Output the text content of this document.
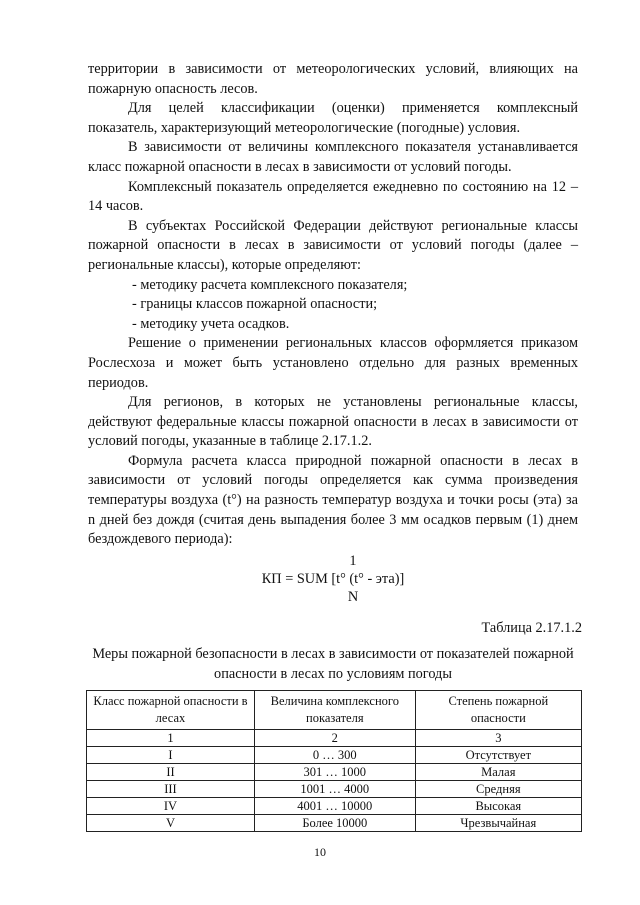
территории в зависимости от метеорологических условий, влияющих на пожарную опасность лесов.

Для целей классификации (оценки) применяется комплексный показатель, характеризующий метеорологические (погодные) условия.

В зависимости от величины комплексного показателя устанавливается класс пожарной опасности в лесах в зависимости от условий погоды.

Комплексный показатель определяется ежедневно по состоянию на 12 – 14 часов.

В субъектах Российской Федерации действуют региональные классы пожарной опасности в лесах в зависимости от условий погоды (далее – региональные классы), которые определяют:

- методику расчета комплексного показателя;

- границы классов пожарной опасности;

- методику учета осадков.

Решение о применении региональных классов оформляется приказом Рослесхоза и может быть установлено отдельно для разных временных периодов.

Для регионов, в которых не установлены региональные классы, действуют федеральные классы пожарной опасности в лесах в зависимости от условий погоды, указанные в таблице 2.17.1.2.

Формула расчета класса природной пожарной опасности в лесах в зависимости от условий погоды определяется как сумма произведения температуры воздуха (t°) на разность температур воздуха и точки росы (эта) за n дней без дождя (считая день выпадения более 3 мм осадков первым (1) днем бездождевого периода):

1
КП = SUM [t° (t° - эта)]
N
Таблица 2.17.1.2
Меры пожарной безопасности в лесах в зависимости от показателей пожарной опасности в лесах по условиям погоды
Класс пожарной опасности в лесах	Величина комплексного показателя	Степень пожарной опасности
1	2	3
I	0 … 300	Отсутствует
II	301 … 1000	Малая
III	1001 … 4000	Средняя
IV	4001 … 10000	Высокая
V	Более 10000	Чрезвычайная
10
